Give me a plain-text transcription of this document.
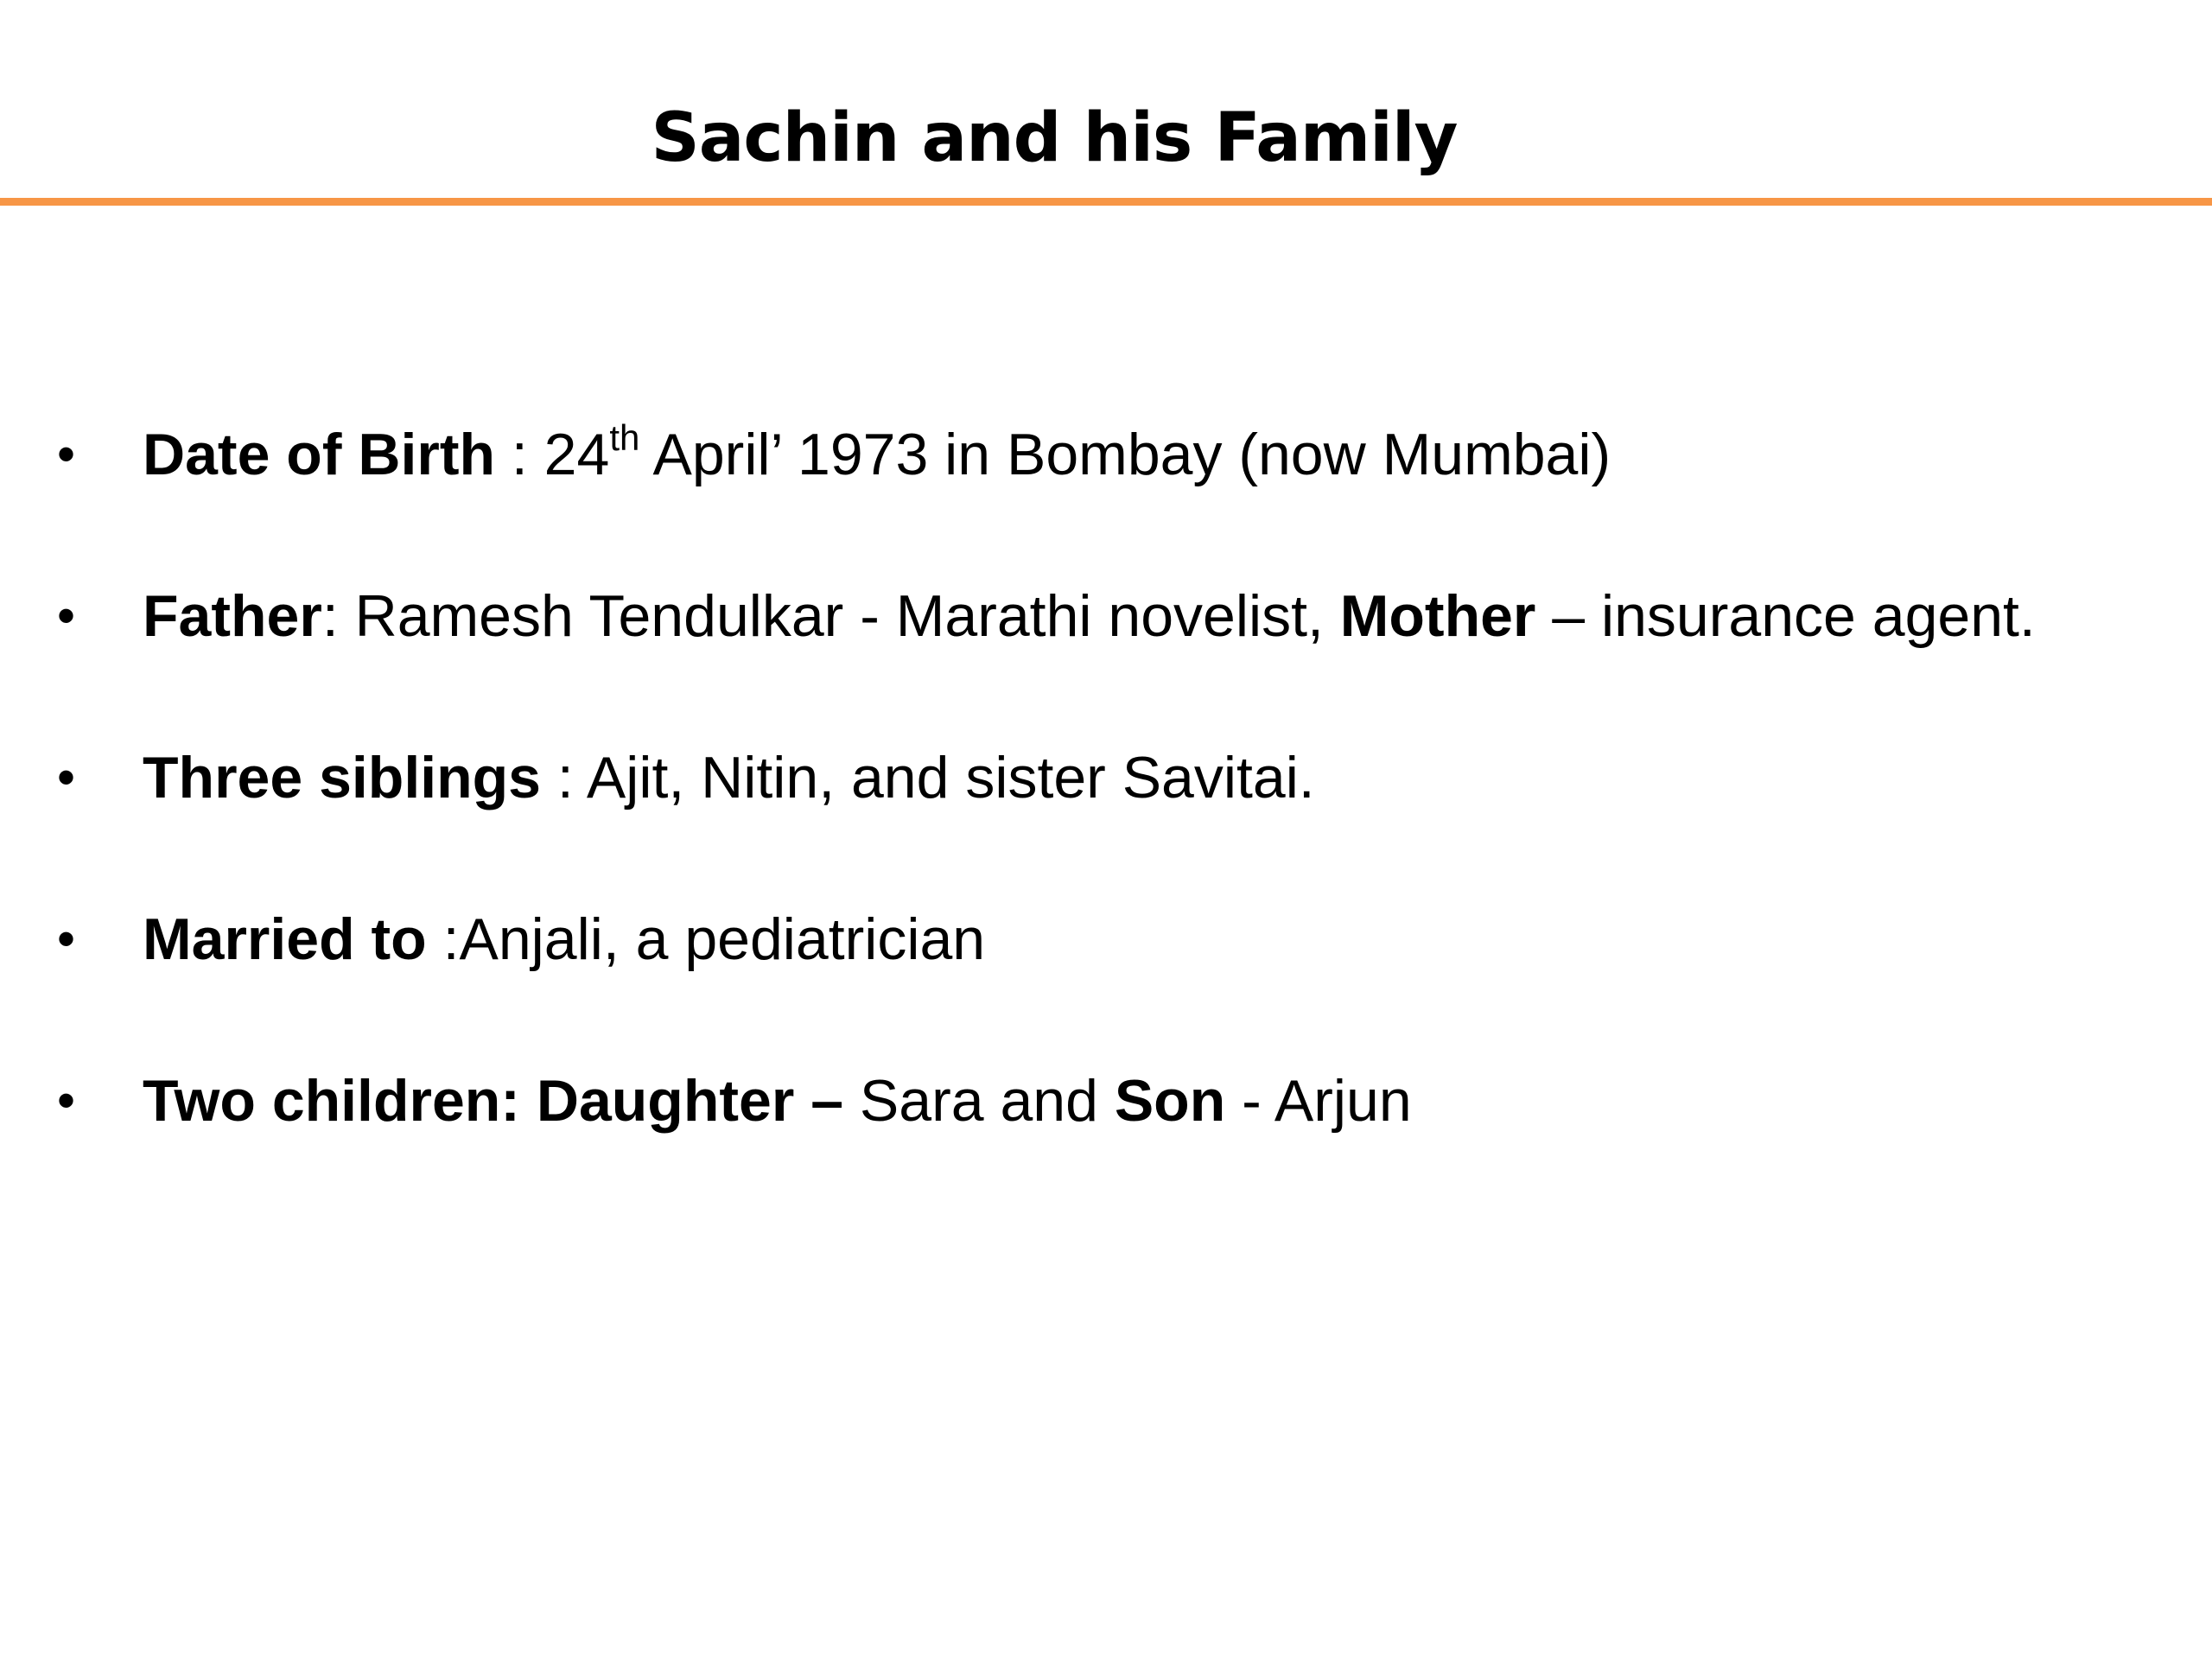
Sachin and his Family
• Date of Birth : 24th April’ 1973 in Bombay (now Mumbai)
• Father: Ramesh Tendulkar - Marathi novelist, Mother – insurance agent.
• Three siblings : Ajit, Nitin, and sister Savitai.
• Married to :Anjali, a pediatrician
• Two children: Daughter – Sara and Son - Arjun
